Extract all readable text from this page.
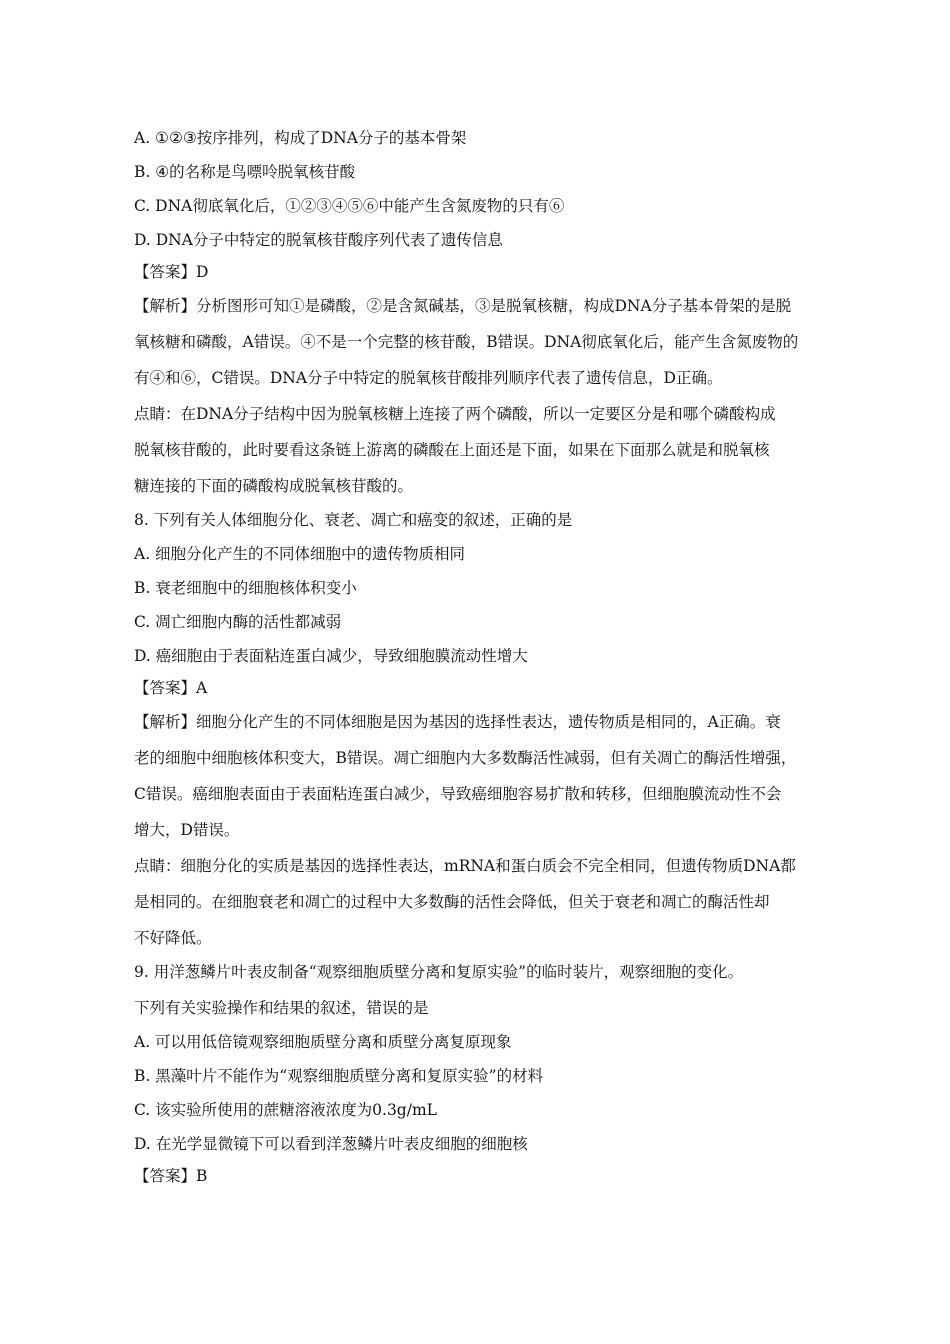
A. ①②③按序排列，构成了DNA分子的基本骨架
B. ④的名称是鸟嘌呤脱氧核苷酸
C. DNA彻底氧化后，①②③④⑤⑥中能产生含氮废物的只有⑥
D. DNA分子中特定的脱氧核苷酸序列代表了遗传信息
【答案】D
【解析】分析图形可知①是磷酸，②是含氮碱基，③是脱氧核糖，构成DNA分子基本骨架的是脱
氧核糖和磷酸，A错误。④不是一个完整的核苷酸，B错误。DNA彻底氧化后，能产生含氮废物的
有④和⑥，C错误。DNA分子中特定的脱氧核苷酸排列顺序代表了遗传信息，D正确。
点睛：在DNA分子结构中因为脱氧核糖上连接了两个磷酸，所以一定要区分是和哪个磷酸构成
脱氧核苷酸的，此时要看这条链上游离的磷酸在上面还是下面，如果在下面那么就是和脱氧核
糖连接的下面的磷酸构成脱氧核苷酸的。
8. 下列有关人体细胞分化、衰老、凋亡和癌变的叙述，正确的是
A. 细胞分化产生的不同体细胞中的遗传物质相同
B. 衰老细胞中的细胞核体积变小
C. 凋亡细胞内酶的活性都减弱
D. 癌细胞由于表面粘连蛋白减少，导致细胞膜流动性增大
【答案】A
【解析】细胞分化产生的不同体细胞是因为基因的选择性表达，遗传物质是相同的，A正确。衰
老的细胞中细胞核体积变大，B错误。凋亡细胞内大多数酶活性减弱，但有关凋亡的酶活性增强，
C错误。癌细胞表面由于表面粘连蛋白减少，导致癌细胞容易扩散和转移，但细胞膜流动性不会
增大，D错误。
点睛：细胞分化的实质是基因的选择性表达，mRNA和蛋白质会不完全相同，但遗传物质DNA都
是相同的。在细胞衰老和凋亡的过程中大多数酶的活性会降低，但关于衰老和凋亡的酶活性却
不好降低。
9. 用洋葱鳞片叶表皮制备“观察细胞质壁分离和复原实验”的临时装片，观察细胞的变化。
下列有关实验操作和结果的叙述，错误的是
A. 可以用低倍镜观察细胞质壁分离和质壁分离复原现象
B. 黑藻叶片不能作为“观察细胞质壁分离和复原实验”的材料
C. 该实验所使用的蔗糖溶液浓度为0.3g/mL
D. 在光学显微镜下可以看到洋葱鳞片叶表皮细胞的细胞核
【答案】B
